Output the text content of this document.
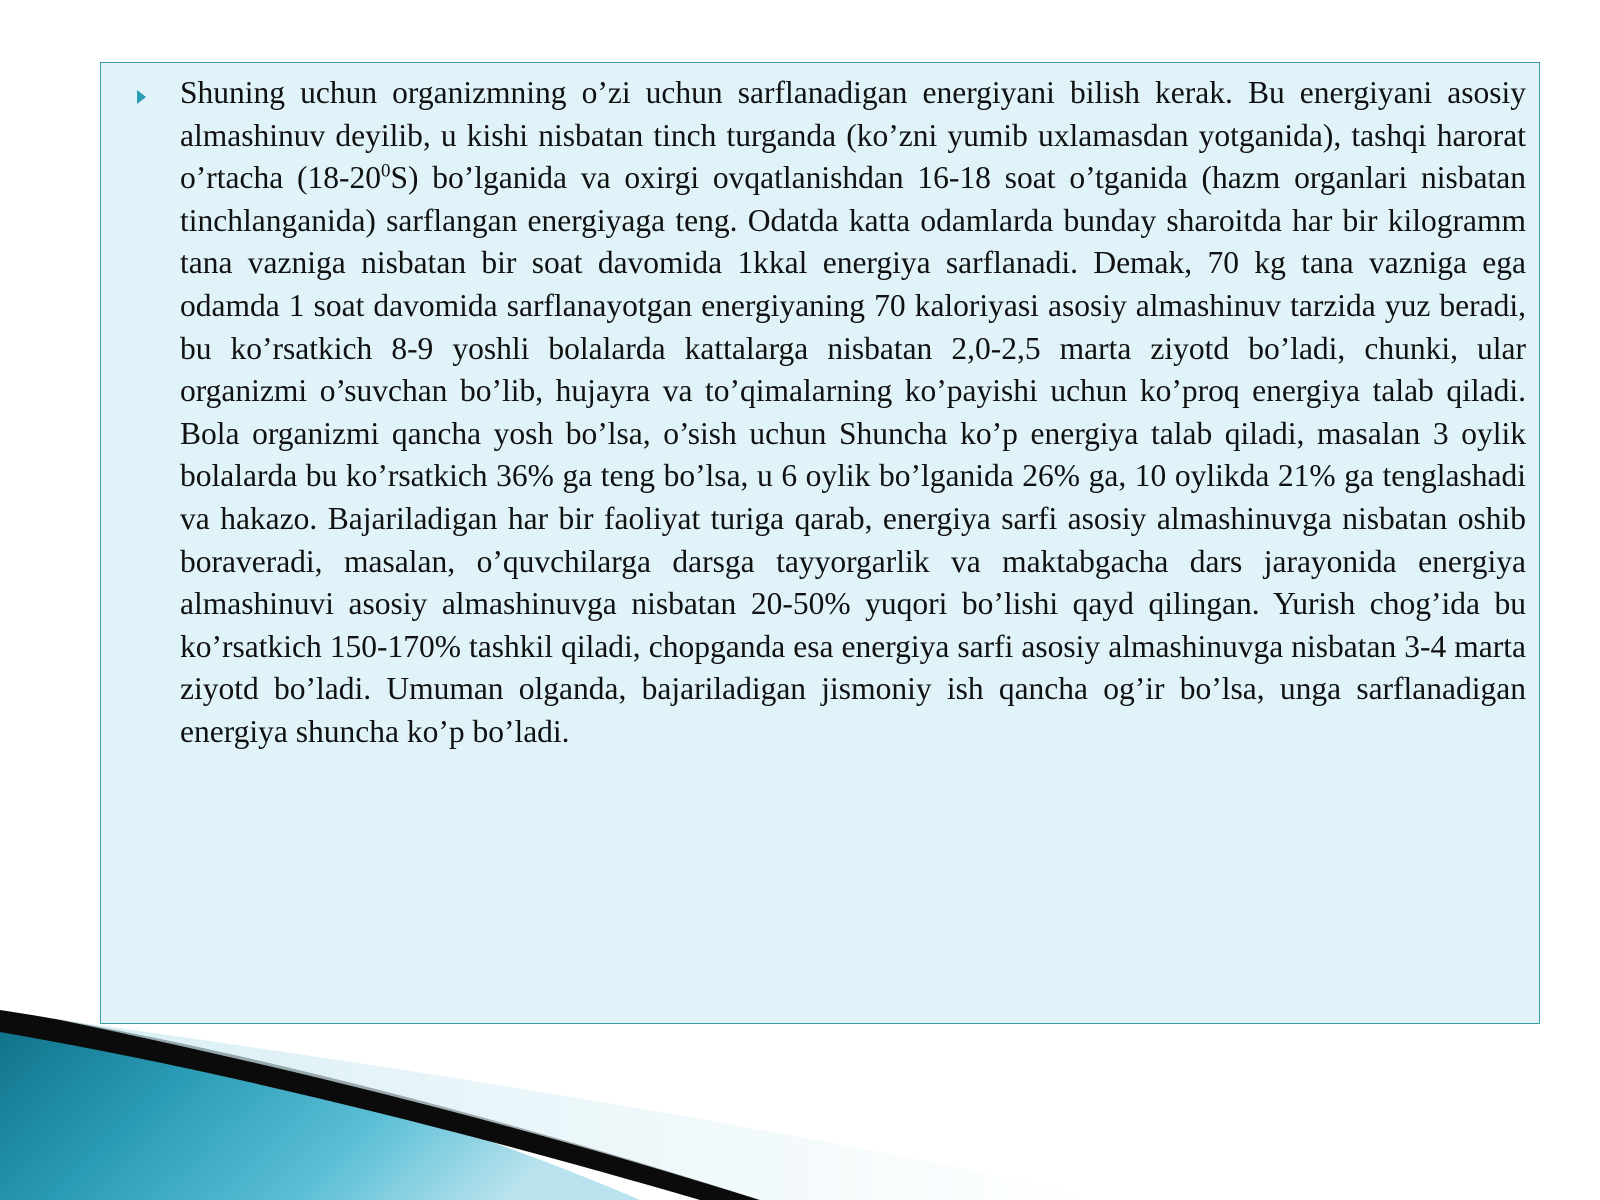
Shuning uchun organizmning o’zi uchun sarflanadigan energiyani bilish kerak. Bu energiyani asosiy almashinuv deyilib, u kishi nisbatan tinch turganda (ko’zni yumib uxlamasdan yotganida), tashqi harorat o’rtacha $(18-20^0S)$ bo’lganida va oxirgi ovqatlanishdan 16-18 soat o’tganida (hazm organlari nisbatan tinchlanganida) sarflangan energiyaga teng. Odatda katta odamlarda bunday sharoitda har bir kilogramm tana vazniga nisbatan bir soat davomida 1kkal energiya sarflanadi. Demak, 70 kg tana vazniga ega odamda 1 soat davomida sarflanayotgan energiyaning 70 kaloriyasi asosiy almashinuv tarzida yuz beradi, bu ko’rsatkich 8-9 yoshli bolalarda kattalarga nisbatan 2,0-2,5 marta ziyotd bo’ladi, chunki, ular organizmi o’suvchan bo’lib, hujayra va to’qimalarning ko’payishi uchun ko’proq energiya talab qiladi. Bola organizmi qancha yosh bo’lsa, o’sish uchun Shuncha ko’p energiya talab qiladi, masalan 3 oylik bolalarda bu ko’rsatkich 36% ga teng bo’lsa, u 6 oylik bo’lganida 26% ga, 10 oylikda 21% ga tenglashadi va hakazo. Bajariladigan har bir faoliyat turiga qarab, energiya sarfi asosiy almashinuvga nisbatan oshib boraveradi, masalan, o’quvchilarga darsga tayyorgarlik va maktabgacha dars jarayonida energiya almashinuvi asosiy almashinuvga nisbatan 20-50% yuqori bo’lishi qayd qilingan. Yurish chog’ida bu ko’rsatkich 150-170% tashkil qiladi, chopganda esa energiya sarfi asosiy almashinuvga nisbatan 3-4 marta ziyotd bo’ladi. Umuman olganda, bajariladigan jismoniy ish qancha og’ir bo’lsa, unga sarflanadigan energiya shuncha ko’p bo’ladi.
